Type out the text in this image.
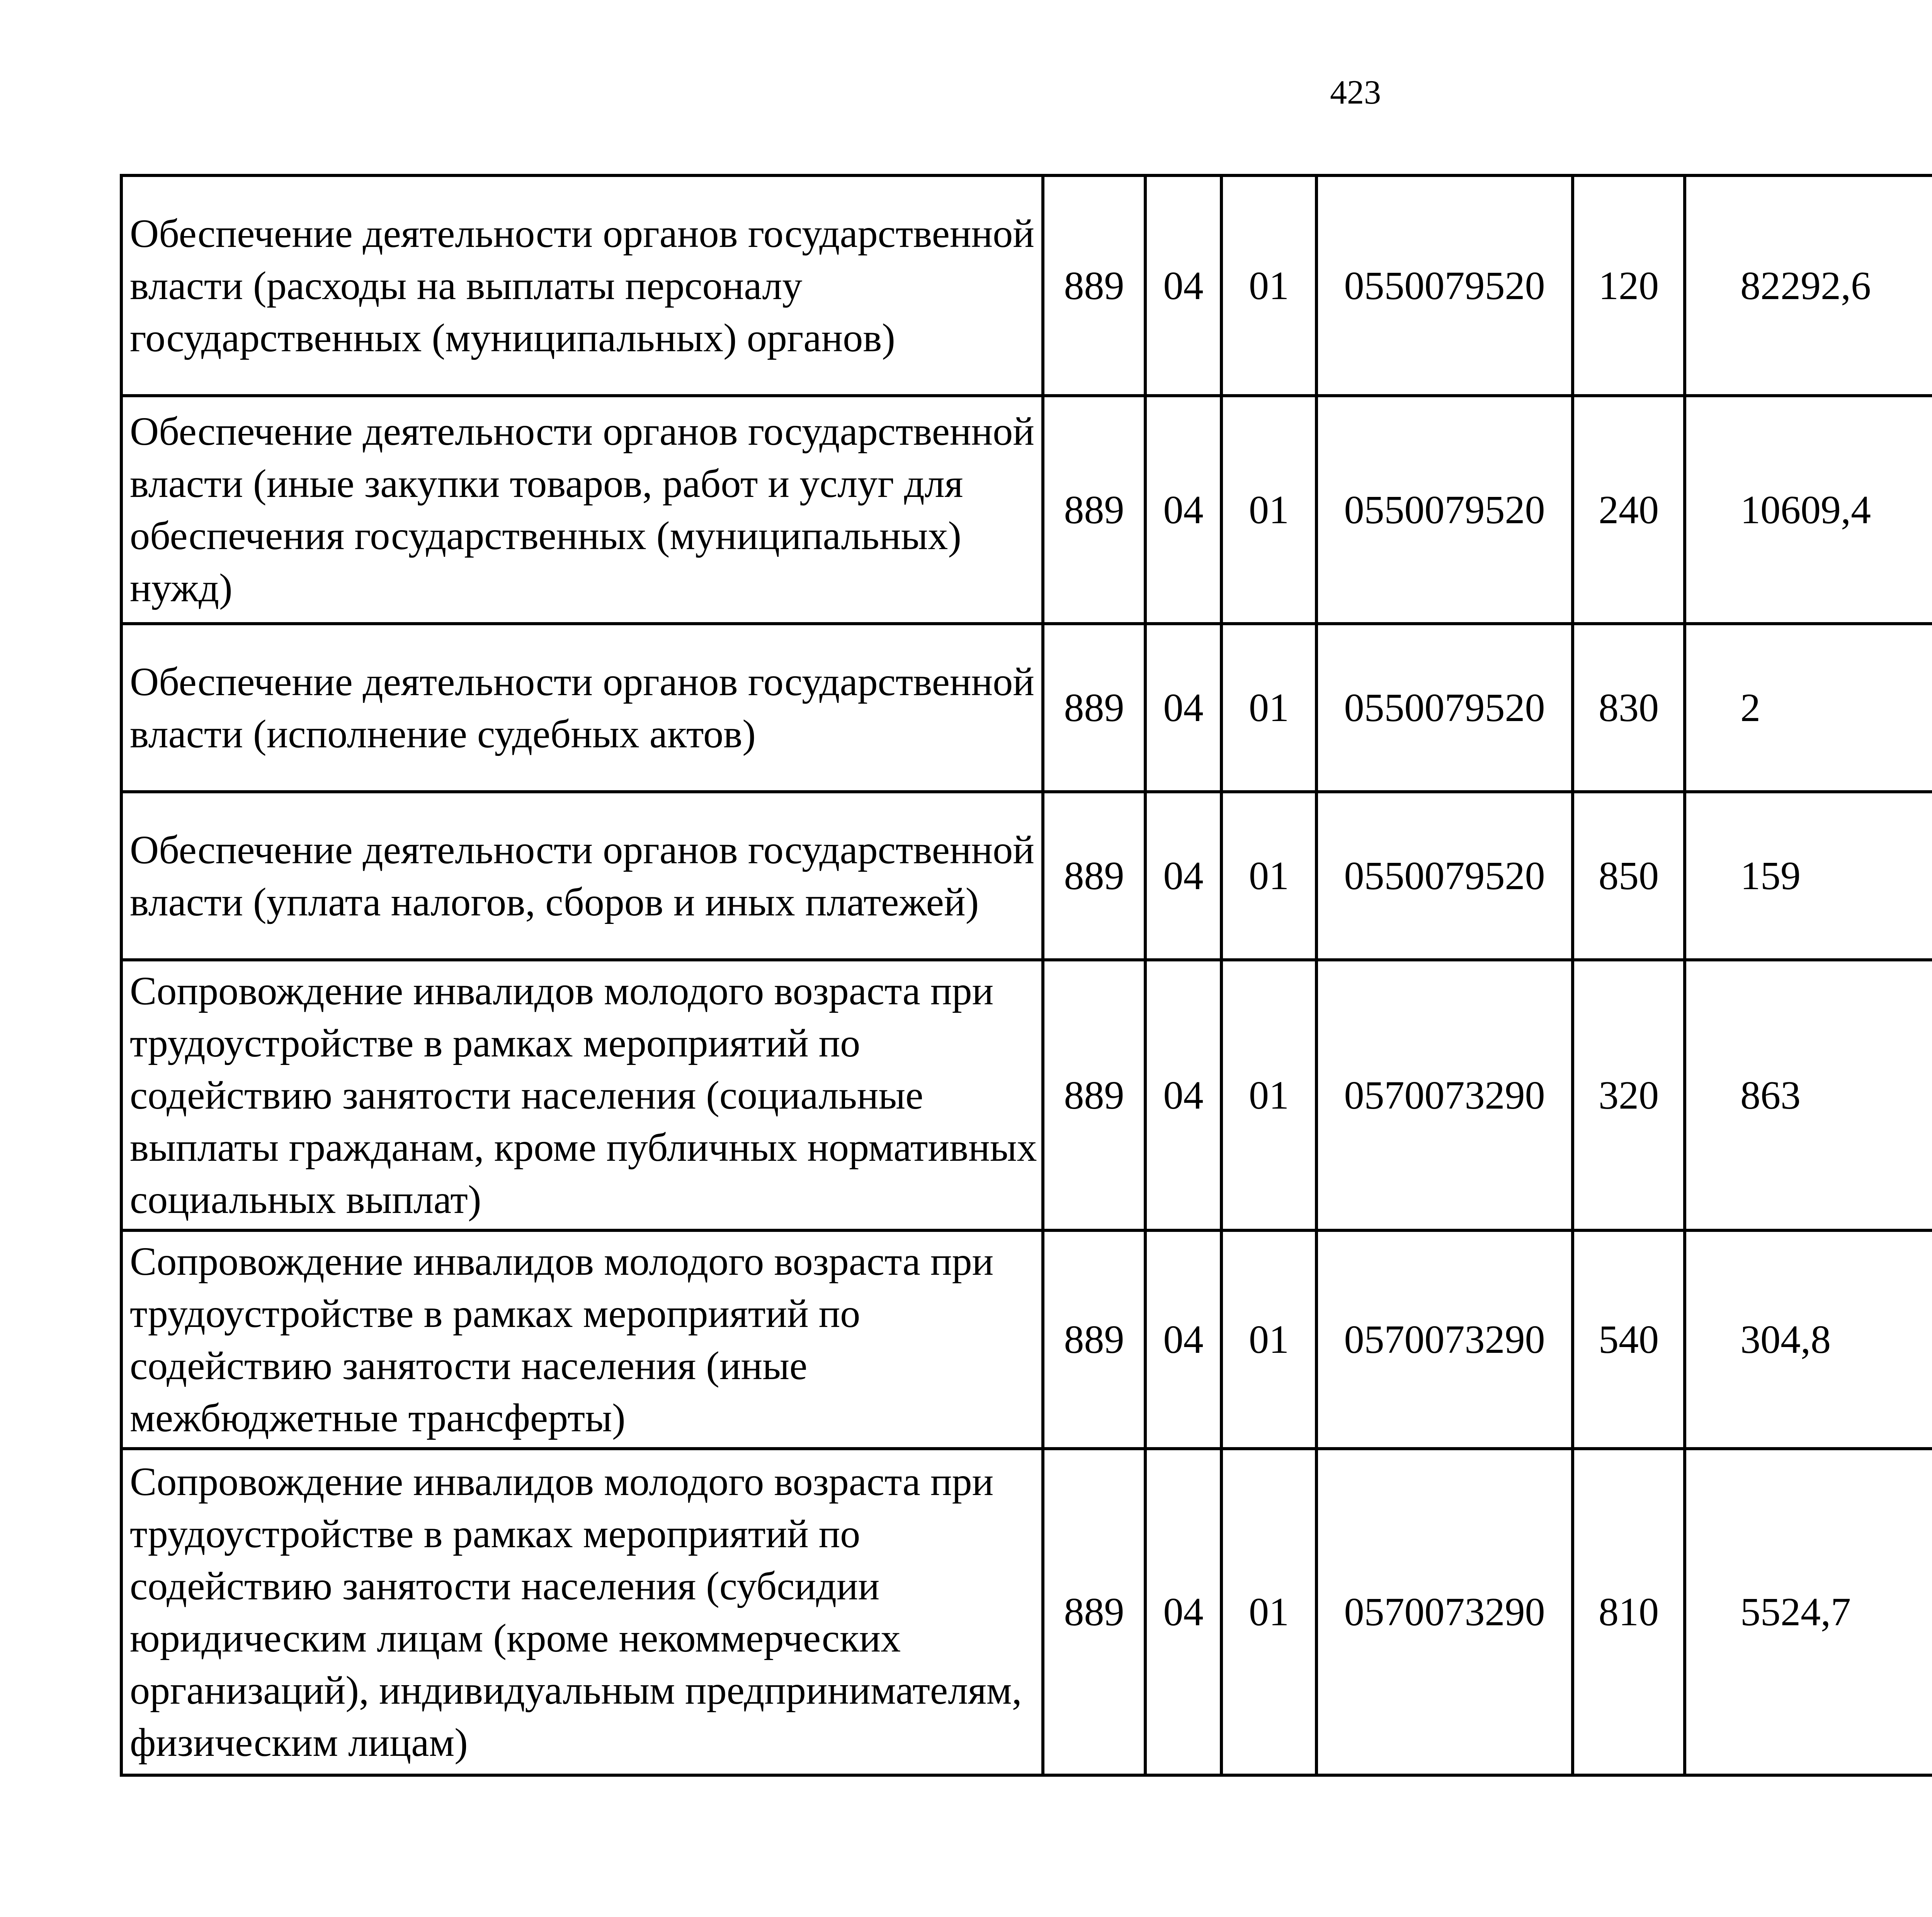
423
Обеспечение деятельности органов государственной власти (расходы на выплаты персоналу государственных (муниципальных) органов)	889	04	01	0550079520	120	82292,6		
Обеспечение деятельности органов государственной власти (иные закупки товаров, работ и услуг для обеспечения государственных (муниципальных) нужд)	889	04	01	0550079520	240	10609,4		
Обеспечение деятельности органов государственной власти (исполнение судебных актов)	889	04	01	0550079520	830	2		
Обеспечение деятельности органов государственной власти (уплата налогов, сборов и иных платежей)	889	04	01	0550079520	850	159		
Сопровождение инвалидов молодого возраста при трудоустройстве в рамках мероприятий по содействию занятости населения (социальные выплаты гражданам, кроме публичных нормативных социальных выплат)	889	04	01	0570073290	320	863		
Сопровождение инвалидов молодого возраста при трудоустройстве в рамках мероприятий по содействию занятости населения (иные межбюджетные трансферты)	889	04	01	0570073290	540	304,8		
Сопровождение инвалидов молодого возраста при трудоустройстве в рамках мероприятий по содействию занятости населения (субсидии юридическим лицам (кроме некоммерческих организаций), индивидуальным предпринимателям, физическим лицам)	889	04	01	0570073290	810	5524,7		
